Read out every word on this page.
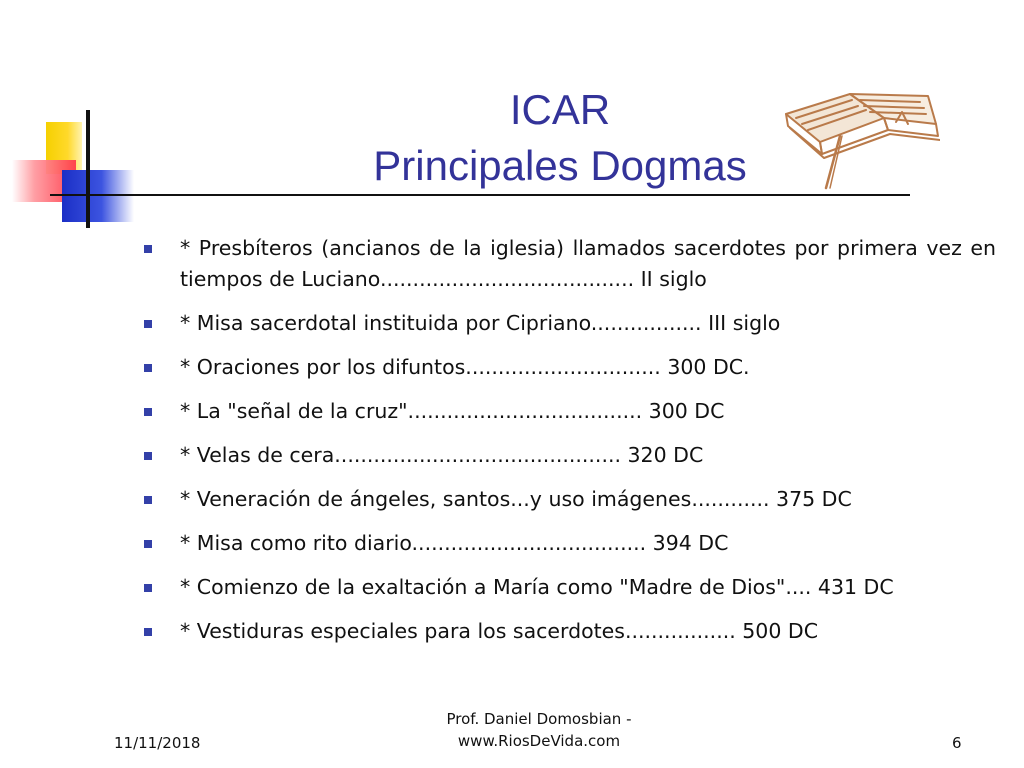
ICAR
Principales Dogmas
* Presbíteros (ancianos de la iglesia) llamados sacerdotes por primera vez en tiempos de Luciano....................................... II siglo
* Misa sacerdotal instituida por Cipriano................. III siglo
* Oraciones por los difuntos.............................. 300 DC.
* La "señal de la cruz".................................... 300 DC
* Velas de cera............................................ 320 DC
* Veneración de ángeles, santos...y uso imágenes............ 375 DC
* Misa como rito diario.................................... 394 DC
* Comienzo de la exaltación a María como "Madre de Dios".... 431 DC
* Vestiduras especiales para los sacerdotes................. 500 DC
11/11/2018
Prof. Daniel Domosbian -
www.RiosDeVida.com	6
